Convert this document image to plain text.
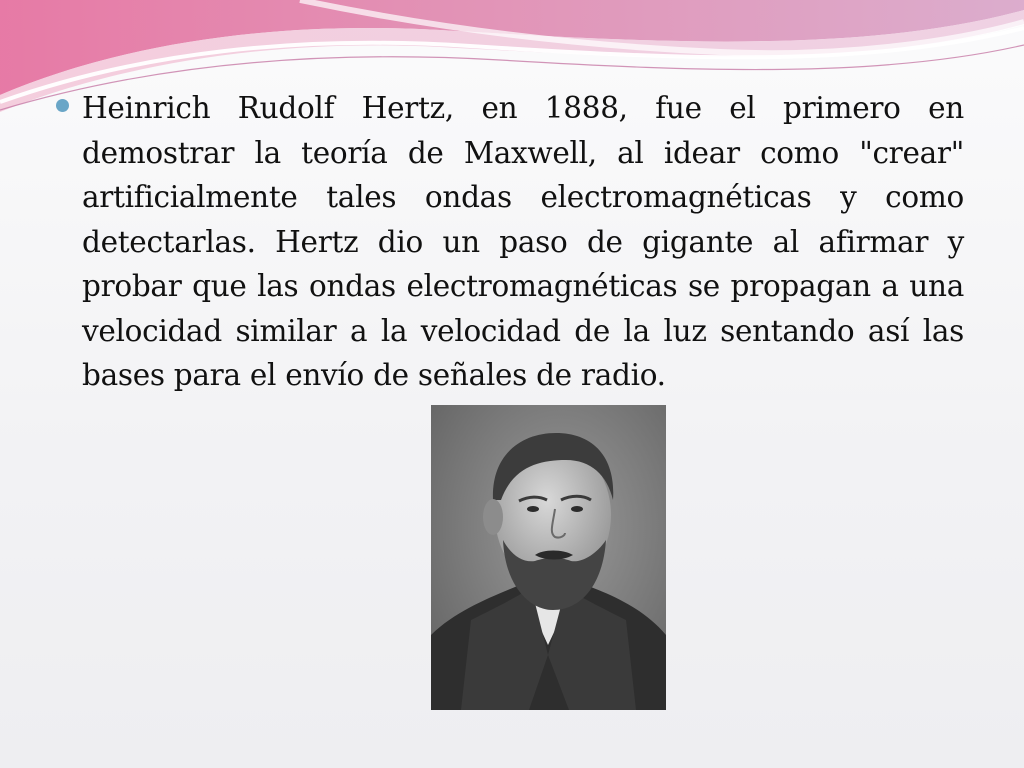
Heinrich Rudolf Hertz, en 1888, fue el primero en demostrar la teoría de Maxwell, al idear como "crear" artificialmente tales ondas electromagnéticas y como detectarlas. Hertz dio un paso de gigante al afirmar y probar que las ondas electromagnéticas se propagan a una velocidad similar a la velocidad de la luz sentando así las bases para el envío de señales de radio.
